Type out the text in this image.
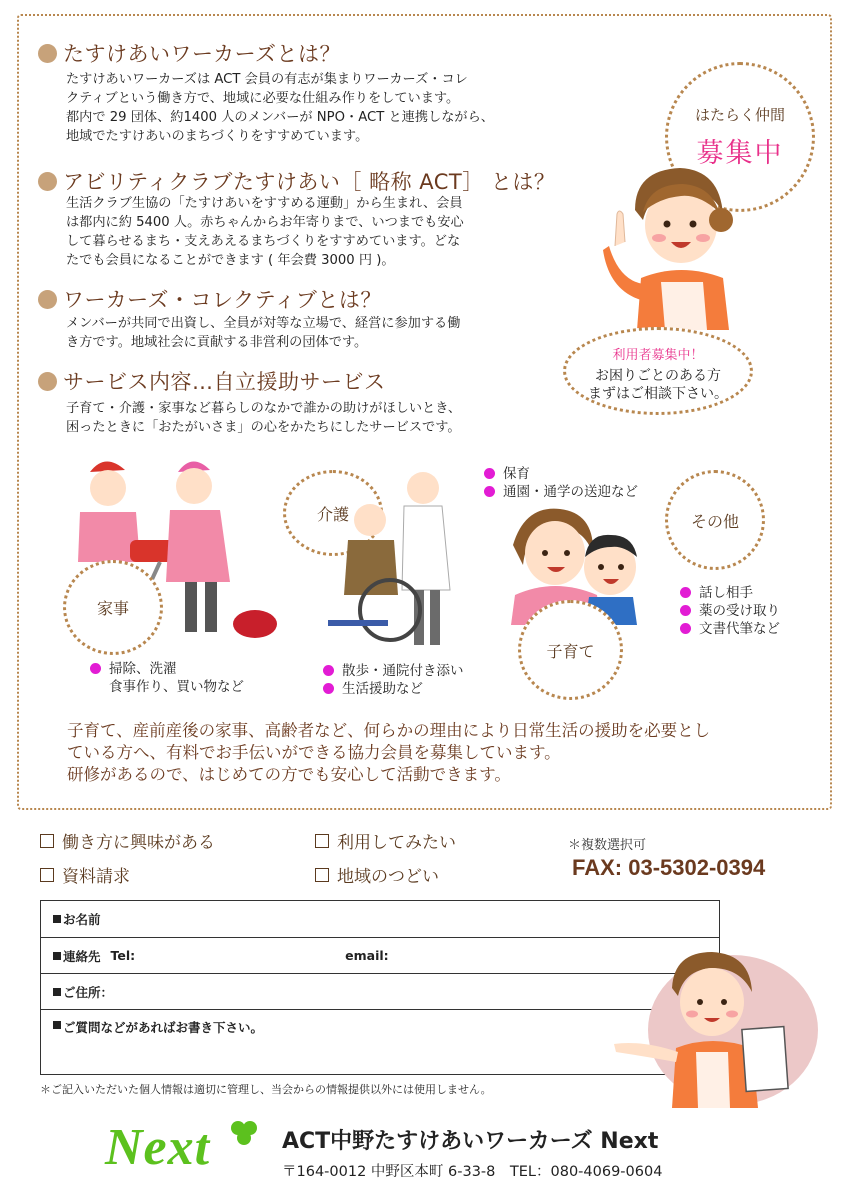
たすけあいワーカーズとは？
たすけあいワーカーズは ACT 会員の有志が集まりワーカーズ・コレ
クティブという働き方で、地域に必要な仕組み作りをしています。
都内で 29 団体、約1400 人のメンバーが NPO・ACT と連携しながら、
地域でたすけあいのまちづくりをすすめています。
アビリティクラブたすけあい［ 略称 ACT］ とは？
生活クラブ生協の「たすけあいをすすめる運動」から生まれ、会員
は都内に約 5400 人。赤ちゃんからお年寄りまで、いつまでも安心
して暮らせるまち・支えあえるまちづくりをすすめています。どな
たでも会員になることができます ( 年会費 3000 円 )。
ワーカーズ・コレクティブとは？
メンバーが共同で出資し、全員が対等な立場で、経営に参加する働
き方です。地域社会に貢献する非営利の団体です。
サービス内容…自立援助サービス
子育て・介護・家事など暮らしのなかで誰かの助けがほしいとき、
困ったときに「おたがいさま」の心をかたちにしたサービスです。
はたらく仲間
募集中
利用者募集中！
お困りごとのある方
まずはご相談下さい。
家事
掃除、洗濯
食事作り、買い物など
介護
散歩・通院付き添い
生活援助など
保育
通園・通学の送迎など
その他
話し相手
薬の受け取り
文書代筆など
子育て
子育て、産前産後の家事、高齢者など、何らかの理由により日常生活の援助を必要とし
ている方へ、有料でお手伝いができる協力会員を募集しています。
研修があるので、はじめての方でも安心して活動できます。
働き方に興味がある	利用してみたい
資料請求	地域のつどい
＊複数選択可
FAX: 03-5302-0394
お名前
連絡先 Tel:	email:
ご住所：
ご質問などがあればお書き下さい。
＊ご記入いただいた個人情報は適切に管理し、当会からの情報提供以外には使用しません。
Next	ACT中野たすけあいワーカーズ Next
〒164-0012 中野区本町 6-33-8　TEL：080-4069-0604
